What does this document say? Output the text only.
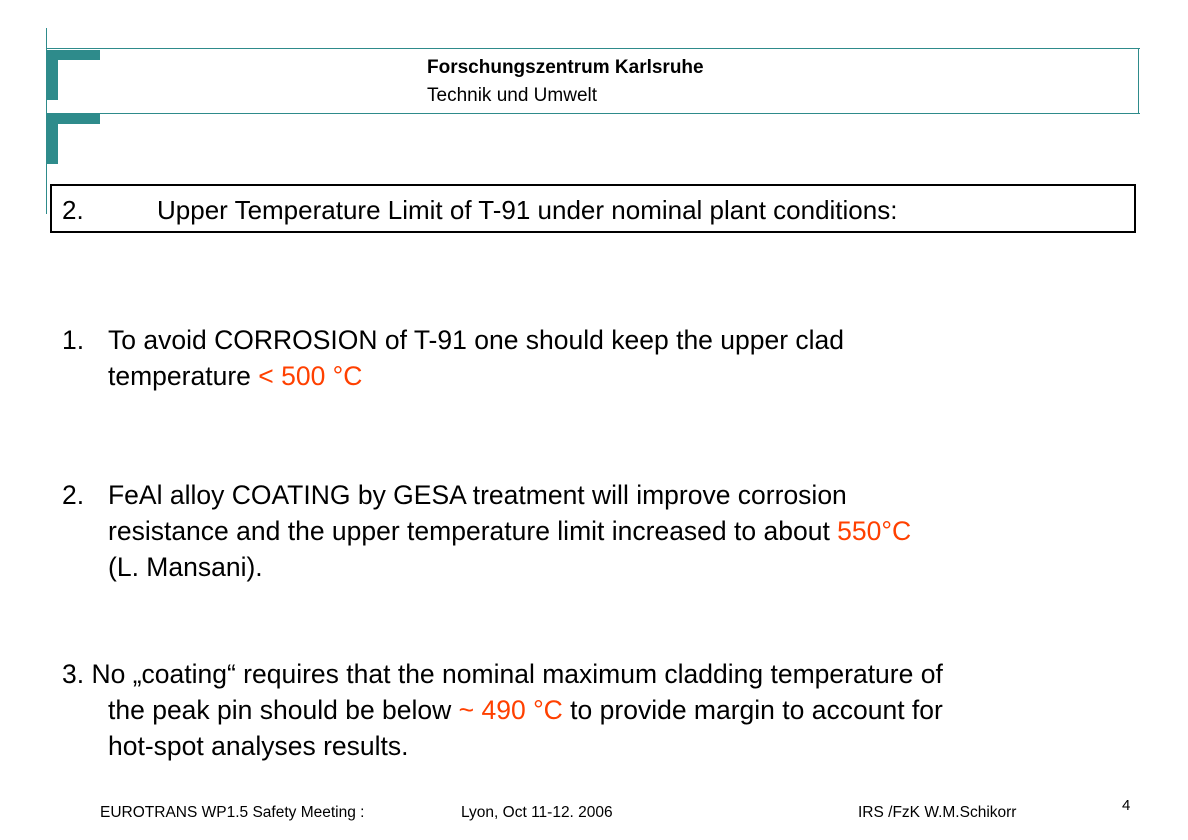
Forschungszentrum Karlsruhe
Technik und Umwelt
2.	Upper Temperature Limit of T-91 under nominal plant conditions:
1. To avoid CORROSION of T-91 one should keep the upper clad
temperature < 500 °C
2. FeAl alloy COATING by GESA treatment will improve corrosion
resistance and the upper temperature limit increased to about 550°C
(L. Mansani).
3. No „coating“ requires that the nominal maximum cladding temperature of
the peak pin should be below ~ 490 °C to provide margin to account for
hot-spot analyses results.
EUROTRANS WP1.5 Safety Meeting :	Lyon, Oct 11-12. 2006	IRS /FzK W.M.Schikorr	4
